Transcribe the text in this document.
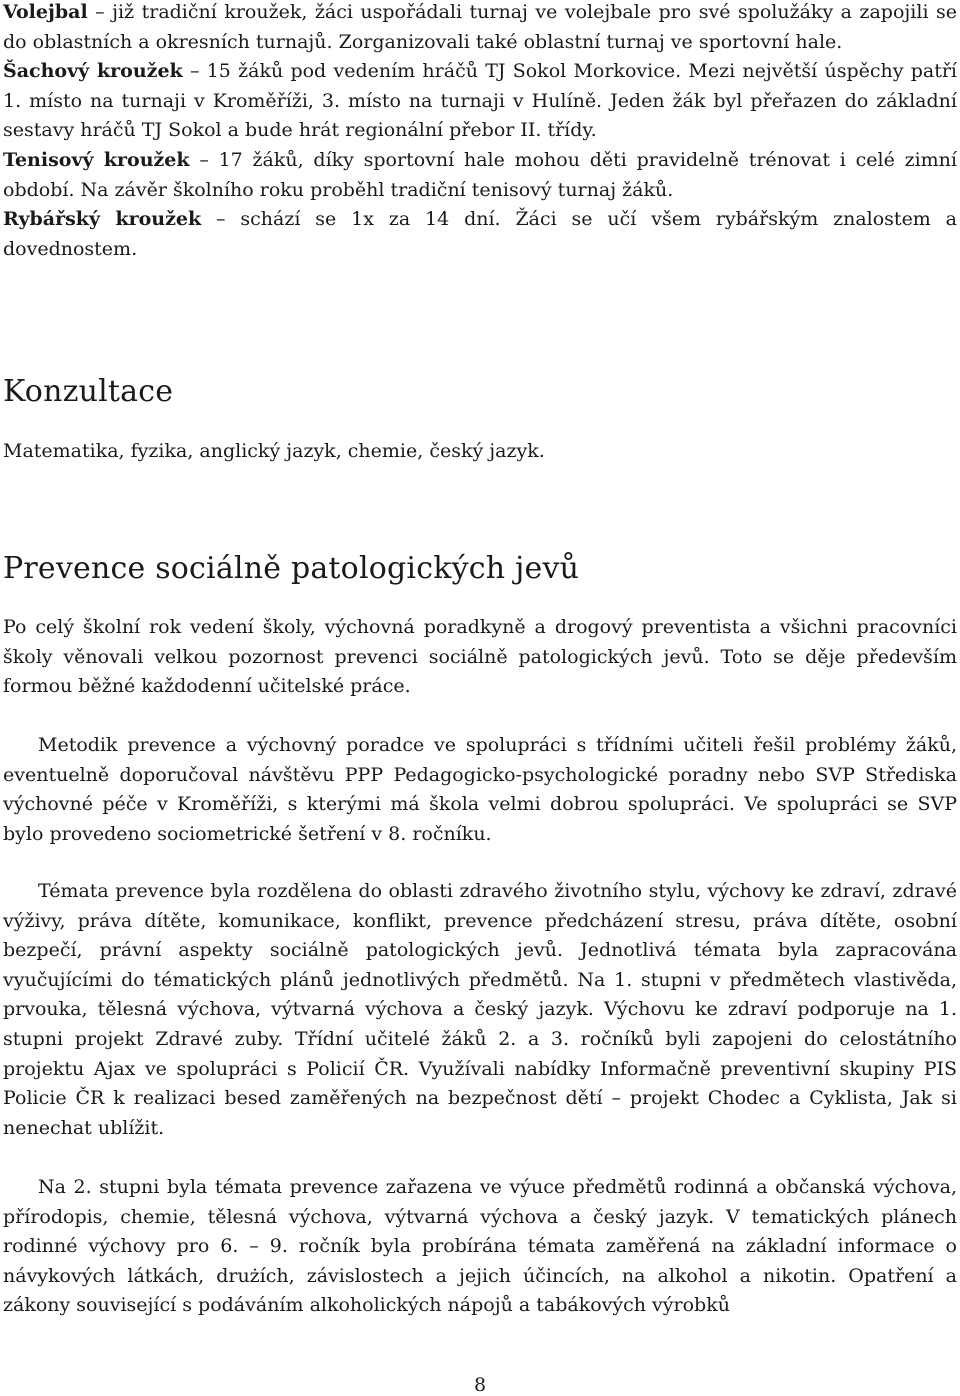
Volejbal – již tradiční kroužek, žáci uspořádali turnaj ve volejbale pro své spolužáky a zapojili se do oblastních a okresních turnajů. Zorganizovali také oblastní turnaj ve sportovní hale.

Šachový kroužek – 15 žáků pod vedením hráčů TJ Sokol Morkovice. Mezi největší úspěchy patří 1. místo na turnaji v Kroměříži, 3. místo na turnaji v Hulíně. Jeden žák byl přeřazen do základní sestavy hráčů TJ Sokol a bude hrát regionální přebor II. třídy.

Tenisový kroužek – 17 žáků, díky sportovní hale mohou děti pravidelně trénovat i celé zimní období. Na závěr školního roku proběhl tradiční tenisový turnaj žáků.

Rybářský kroužek – schází se 1x za 14 dní. Žáci se učí všem rybářským znalostem a dovednostem.

Konzultace

Matematika, fyzika, anglický jazyk, chemie, český jazyk.

Prevence sociálně patologických jevů

Po celý školní rok vedení školy, výchovná poradkyně a drogový preventista a všichni pracovníci školy věnovali velkou pozornost prevenci sociálně patologických jevů. Toto se děje především formou běžné každodenní učitelské práce.

Metodik prevence a výchovný poradce ve spolupráci s třídními učiteli řešil problémy žáků, eventuelně doporučoval návštěvu PPP Pedagogicko-psychologické poradny nebo SVP Střediska výchovné péče v Kroměříži, s kterými má škola velmi dobrou spolupráci. Ve spolupráci se SVP bylo provedeno sociometrické šetření v 8. ročníku.

Témata prevence byla rozdělena do oblasti zdravého životního stylu, výchovy ke zdraví, zdravé výživy, práva dítěte, komunikace, konflikt, prevence předcházení stresu, práva dítěte, osobní bezpečí, právní aspekty sociálně patologických jevů. Jednotlivá témata byla zapracována vyučujícími do tématických plánů jednotlivých předmětů. Na 1. stupni v předmětech vlastivěda, prvouka, tělesná výchova, výtvarná výchova a český jazyk. Výchovu ke zdraví podporuje na 1. stupni projekt Zdravé zuby. Třídní učitelé žáků 2. a 3. ročníků byli zapojeni do celostátního projektu Ajax ve spolupráci s Policií ČR. Využívali nabídky Informačně preventivní skupiny PIS Policie ČR k realizaci besed zaměřených na bezpečnost dětí – projekt Chodec a Cyklista, Jak si nenechat ublížit.

Na 2. stupni byla témata prevence zařazena ve výuce předmětů rodinná a občanská výchova, přírodopis, chemie, tělesná výchova, výtvarná výchova a český jazyk. V tematických plánech rodinné výchovy pro 6. – 9. ročník byla probírána témata zaměřená na základní informace o návykových látkách, drużích, závislostech a jejich účincích, na alkohol a nikotin. Opatření a zákony související s podáváním alkoholických nápojů a tabákových výrobků

8
